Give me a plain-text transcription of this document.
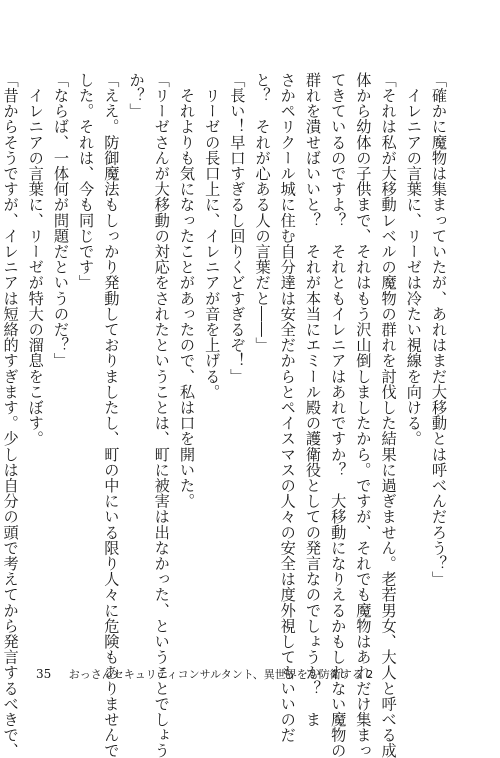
「確かに魔物は集まっていたが、あれはまだ大移動とは呼べんだろう？」
　イレニアの言葉に、リーゼは冷たい視線を向ける。
「それは私が大移動レベルの魔物の群れを討伐した結果に過ぎません。老若男女、大人と呼べる成
体から幼体の子供まで、それはもう沢山倒しましたから。ですが、それでも魔物はあれだけ集まっ
てきているのですよ？　それともイレニアはあれですか？　大移動になりえるかもしれない魔物の
群れを潰せばいいと？　それが本当にエミール殿の護衛役としての発言なのでしょうか？　ま
さかペリクール城に住む自分達は安全だからとペイスマスの人々の安全は度外視してもいいのだ
と？　それが心ある人の言葉だと――」
「長い！早口すぎるし回りくどすぎるぞ！」
　リーゼの長口上に、イレニアが音を上げる。
　それよりも気になったことがあったので、私は口を開いた。
「リーゼさんが大移動の対応をされたということは、町に被害は出なかった、ということでしょう
か？」
「ええ。防御魔法もしっかり発動しておりましたし、町の中にいる限り人々に危険もありませんで
した。それは、今も同じです」
「ならば、一体何が問題だというのだ？」
　イレニアの言葉に、リーゼが特大の溜息をこぼす。
「昔からそうですが、イレニアは短絡的すぎます。少しは自分の頭で考えてから発言するべきで、 35 おっさんセキュリティコンサルタント、異世界をも防衛する 2
